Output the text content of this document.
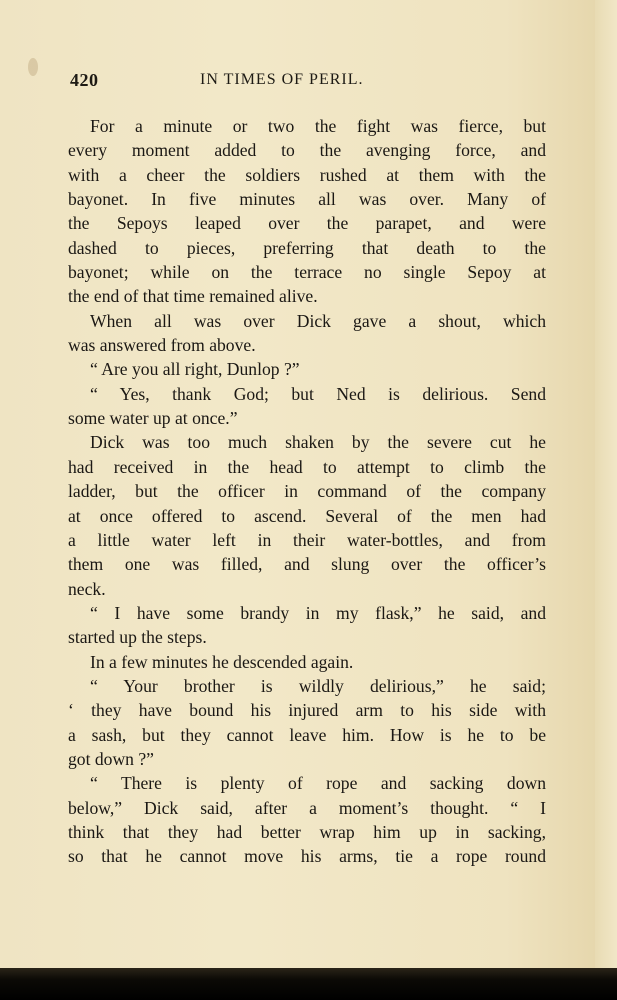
420	IN TIMES OF PERIL.
For a minute or two the fight was fierce, but
every moment added to the avenging force, and
with a cheer the soldiers rushed at them with the
bayonet. In five minutes all was over. Many of
the Sepoys leaped over the parapet, and were
dashed to pieces, preferring that death to the
bayonet; while on the terrace no single Sepoy at
the end of that time remained alive.
When all was over Dick gave a shout, which
was answered from above.
“ Are you all right, Dunlop ?”
“ Yes, thank God; but Ned is delirious. Send
some water up at once.”
Dick was too much shaken by the severe cut he
had received in the head to attempt to climb the
ladder, but the officer in command of the company
at once offered to ascend. Several of the men had
a little water left in their water-bottles, and from
them one was filled, and slung over the officer’s
neck.
“ I have some brandy in my flask,” he said, and
started up the steps.
In a few minutes he descended again.
“ Your brother is wildly delirious,” he said;
‘ they have bound his injured arm to his side with
a sash, but they cannot leave him. How is he to be
got down ?”
“ There is plenty of rope and sacking down
below,” Dick said, after a moment’s thought. “ I
think that they had better wrap him up in sacking,
so that he cannot move his arms, tie a rope round
